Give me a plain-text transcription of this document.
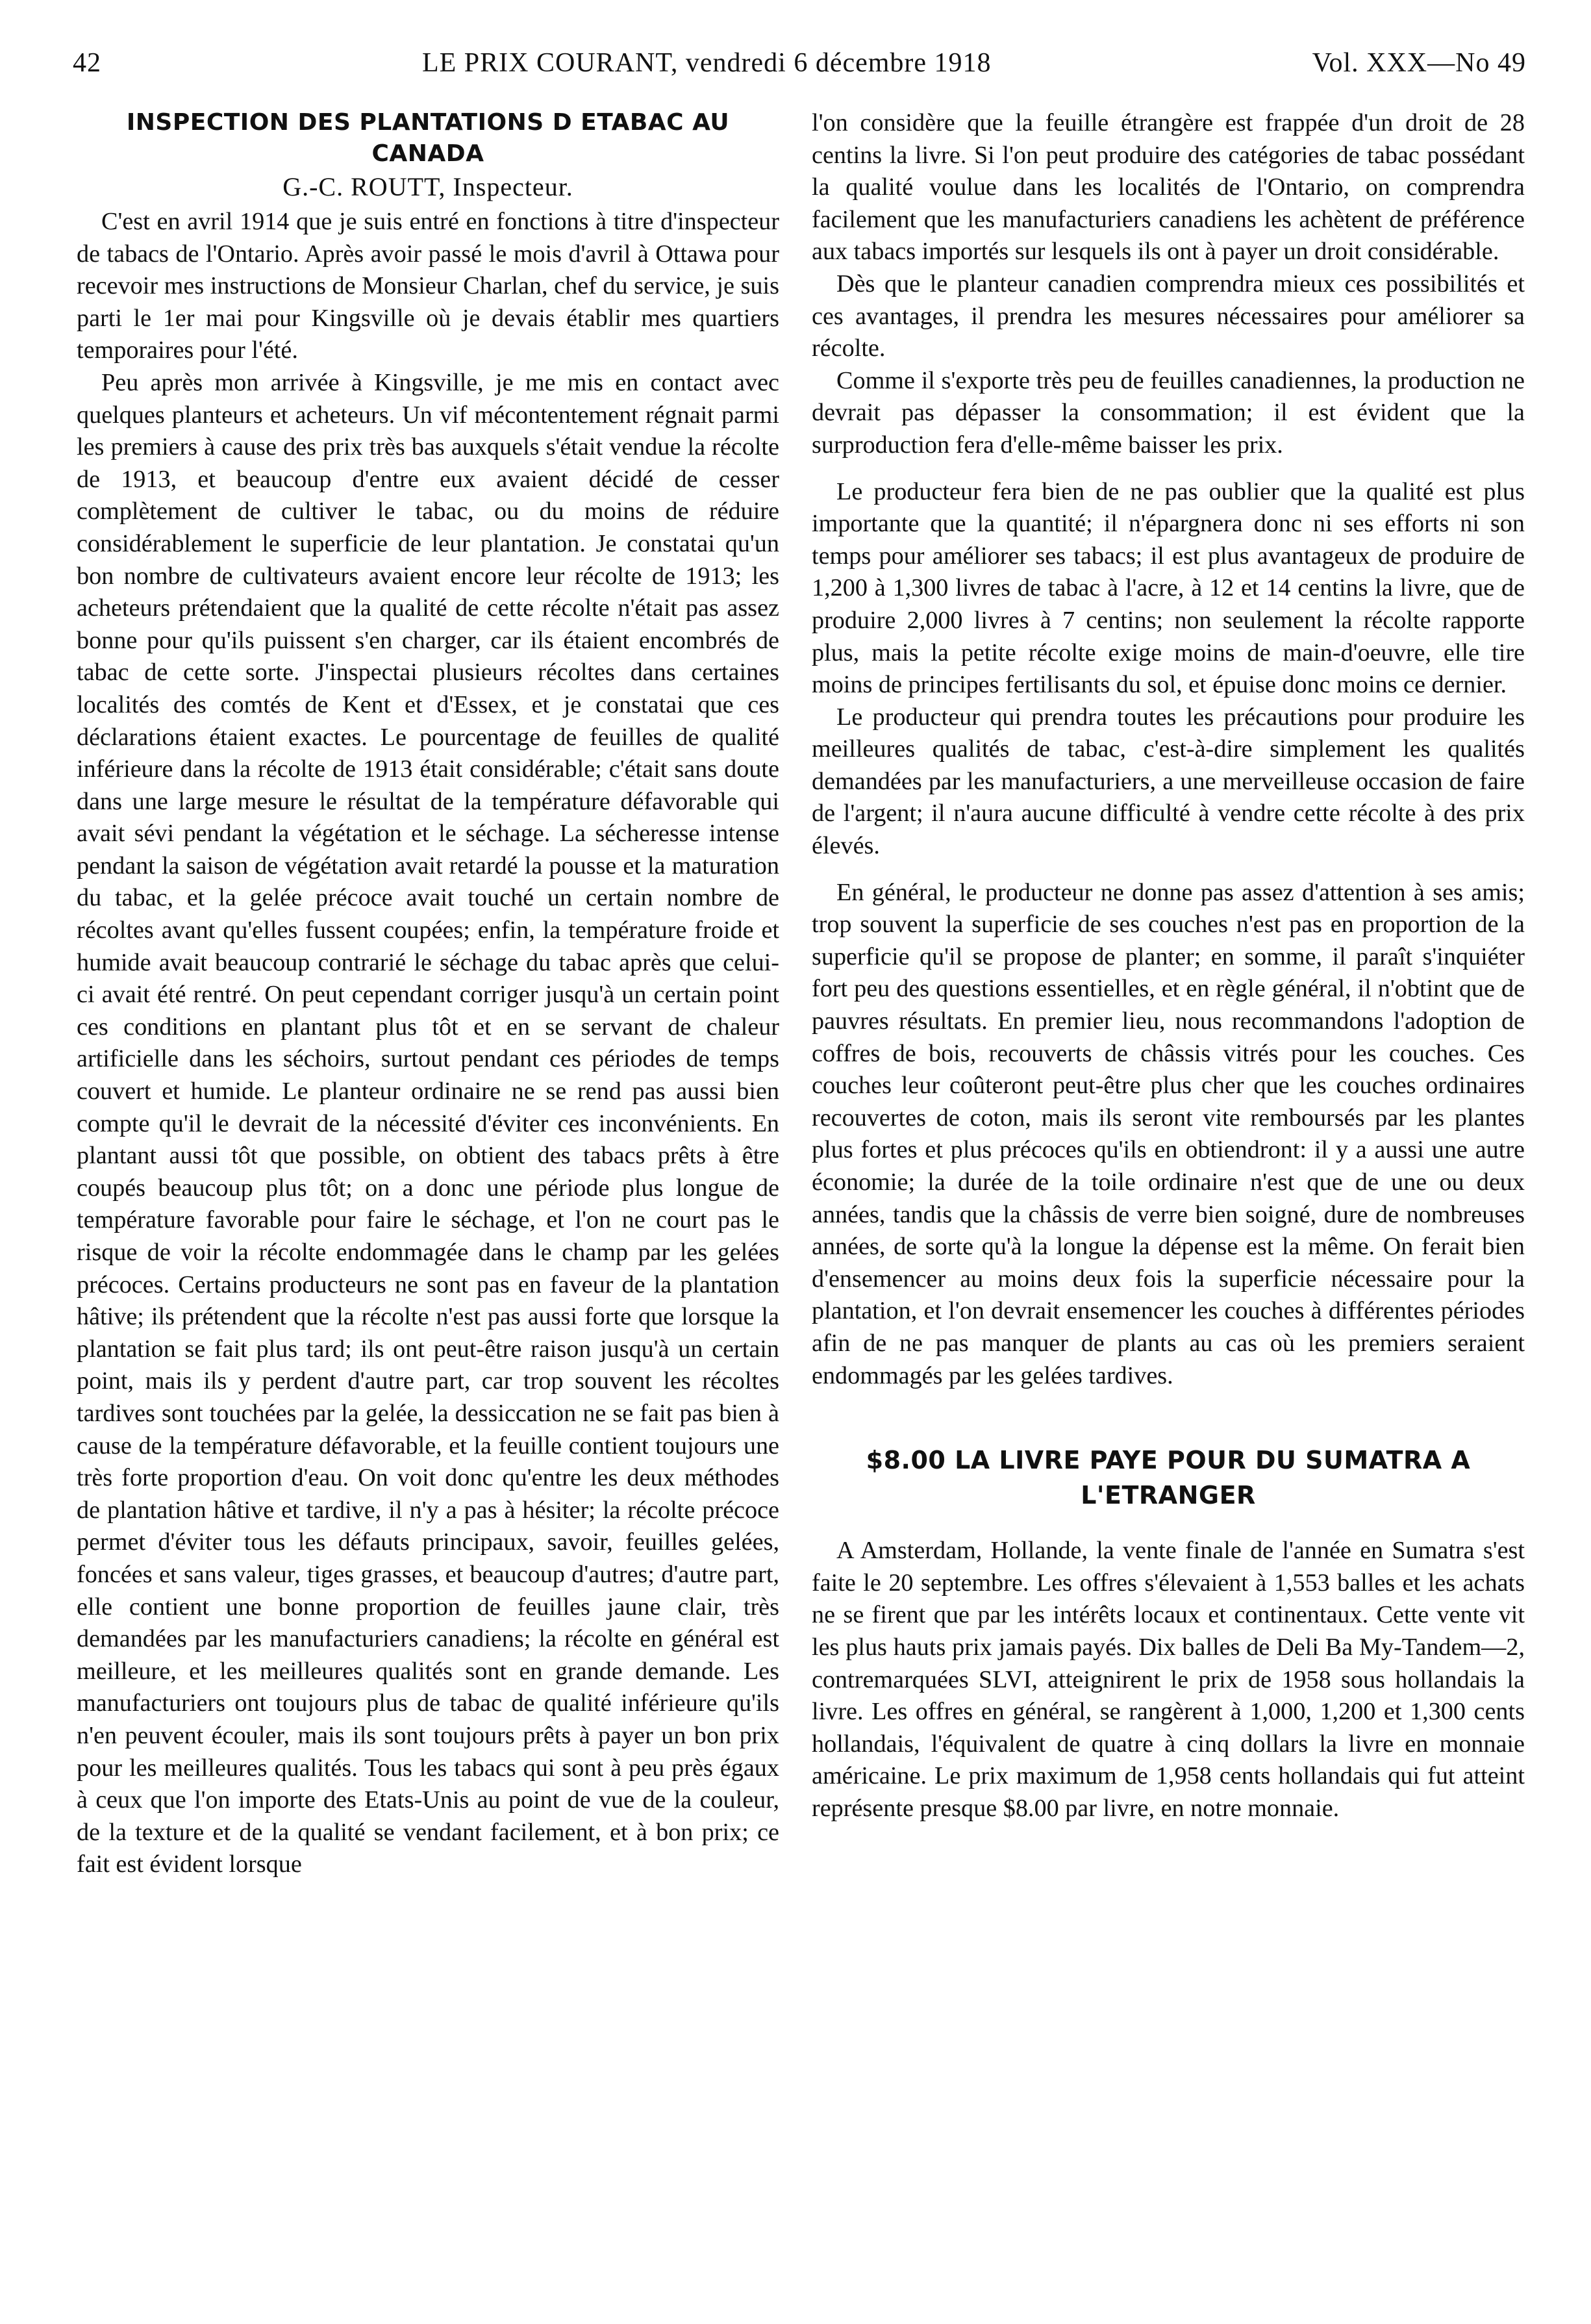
42	LE PRIX COURANT, vendredi 6 décembre 1918	Vol. XXX—No 49
INSPECTION DES PLANTATIONS D ETABAC AU CANADA
G.-C. ROUTT, Inspecteur.

C'est en avril 1914 que je suis entré en fonctions à titre d'inspecteur de tabacs de l'Ontario. Après avoir passé le mois d'avril à Ottawa pour recevoir mes instructions de Monsieur Charlan, chef du service, je suis parti le 1er mai pour Kingsville où je devais établir mes quartiers temporaires pour l'été.

Peu après mon arrivée à Kingsville, je me mis en contact avec quelques planteurs et acheteurs. Un vif mécontentement régnait parmi les premiers à cause des prix très bas auxquels s'était vendue la récolte de 1913, et beaucoup d'entre eux avaient décidé de cesser complètement de cultiver le tabac, ou du moins de réduire considérablement le superficie de leur plantation. Je constatai qu'un bon nombre de cultivateurs avaient encore leur récolte de 1913; les acheteurs prétendaient que la qualité de cette récolte n'était pas assez bonne pour qu'ils puissent s'en charger, car ils étaient encombrés de tabac de cette sorte. J'inspectai plusieurs récoltes dans certaines localités des comtés de Kent et d'Essex, et je constatai que ces déclarations étaient exactes. Le pourcentage de feuilles de qualité inférieure dans la récolte de 1913 était considérable; c'était sans doute dans une large mesure le résultat de la température défavorable qui avait sévi pendant la végétation et le séchage. La sécheresse intense pendant la saison de végétation avait retardé la pousse et la maturation du tabac, et la gelée précoce avait touché un certain nombre de récoltes avant qu'elles fussent coupées; enfin, la température froide et humide avait beaucoup contrarié le séchage du tabac après que celui-ci avait été rentré. On peut cependant corriger jusqu'à un certain point ces conditions en plantant plus tôt et en se servant de chaleur artificielle dans les séchoirs, surtout pendant ces périodes de temps couvert et humide. Le planteur ordinaire ne se rend pas aussi bien compte qu'il le devrait de la nécessité d'éviter ces inconvénients. En plantant aussi tôt que possible, on obtient des tabacs prêts à être coupés beaucoup plus tôt; on a donc une période plus longue de température favorable pour faire le séchage, et l'on ne court pas le risque de voir la récolte endommagée dans le champ par les gelées précoces. Certains producteurs ne sont pas en faveur de la plantation hâtive; ils prétendent que la récolte n'est pas aussi forte que lorsque la plantation se fait plus tard; ils ont peut-être raison jusqu'à un certain point, mais ils y perdent d'autre part, car trop souvent les récoltes tardives sont touchées par la gelée, la dessiccation ne se fait pas bien à cause de la température défavorable, et la feuille contient toujours une très forte proportion d'eau. On voit donc qu'entre les deux méthodes de plantation hâtive et tardive, il n'y a pas à hésiter; la récolte précoce permet d'éviter tous les défauts principaux, savoir, feuilles gelées, foncées et sans valeur, tiges grasses, et beaucoup d'autres; d'autre part, elle contient une bonne proportion de feuilles jaune clair, très demandées par les manufacturiers canadiens; la récolte en général est meilleure, et les meilleures qualités sont en grande demande. Les manufacturiers ont toujours plus de tabac de qualité inférieure qu'ils n'en peuvent écouler, mais ils sont toujours prêts à payer un bon prix pour les meilleures qualités. Tous les tabacs qui sont à peu près égaux à ceux que l'on importe des Etats-Unis au point de vue de la couleur, de la texture et de la qualité se vendant facilement, et à bon prix; ce fait est évident lorsque

l'on considère que la feuille étrangère est frappée d'un droit de 28 centins la livre. Si l'on peut produire des catégories de tabac possédant la qualité voulue dans les localités de l'Ontario, on comprendra facilement que les manufacturiers canadiens les achètent de préférence aux tabacs importés sur lesquels ils ont à payer un droit considérable.

Dès que le planteur canadien comprendra mieux ces possibilités et ces avantages, il prendra les mesures nécessaires pour améliorer sa récolte.

Comme il s'exporte très peu de feuilles canadiennes, la production ne devrait pas dépasser la consommation; il est évident que la surproduction fera d'elle-même baisser les prix.

Le producteur fera bien de ne pas oublier que la qualité est plus importante que la quantité; il n'épargnera donc ni ses efforts ni son temps pour améliorer ses tabacs; il est plus avantageux de produire de 1,200 à 1,300 livres de tabac à l'acre, à 12 et 14 centins la livre, que de produire 2,000 livres à 7 centins; non seulement la récolte rapporte plus, mais la petite récolte exige moins de main-d'oeuvre, elle tire moins de principes fertilisants du sol, et épuise donc moins ce dernier.

Le producteur qui prendra toutes les précautions pour produire les meilleures qualités de tabac, c'est-à-dire simplement les qualités demandées par les manufacturiers, a une merveilleuse occasion de faire de l'argent; il n'aura aucune difficulté à vendre cette récolte à des prix élevés.

En général, le producteur ne donne pas assez d'attention à ses amis; trop souvent la superficie de ses couches n'est pas en proportion de la superficie qu'il se propose de planter; en somme, il paraît s'inquiéter fort peu des questions essentielles, et en règle général, il n'obtint que de pauvres résultats. En premier lieu, nous recommandons l'adoption de coffres de bois, recouverts de châssis vitrés pour les couches. Ces couches leur coûteront peut-être plus cher que les couches ordinaires recouvertes de coton, mais ils seront vite remboursés par les plantes plus fortes et plus précoces qu'ils en obtiendront: il y a aussi une autre économie; la durée de la toile ordinaire n'est que de une ou deux années, tandis que la châssis de verre bien soigné, dure de nombreuses années, de sorte qu'à la longue la dépense est la même. On ferait bien d'ensemencer au moins deux fois la superficie nécessaire pour la plantation, et l'on devrait ensemencer les couches à différentes périodes afin de ne pas manquer de plants au cas où les premiers seraient endommagés par les gelées tardives.

$8.00 LA LIVRE PAYE POUR DU SUMATRA A L'ETRANGER

A Amsterdam, Hollande, la vente finale de l'année en Sumatra s'est faite le 20 septembre. Les offres s'élevaient à 1,553 balles et les achats ne se firent que par les intérêts locaux et continentaux. Cette vente vit les plus hauts prix jamais payés. Dix balles de Deli Ba My-Tandem—2, contremarquées SLVI, atteignirent le prix de 1958 sous hollandais la livre. Les offres en général, se rangèrent à 1,000, 1,200 et 1,300 cents hollandais, l'équivalent de quatre à cinq dollars la livre en monnaie américaine. Le prix maximum de 1,958 cents hollandais qui fut atteint représente presque $8.00 par livre, en notre monnaie.
